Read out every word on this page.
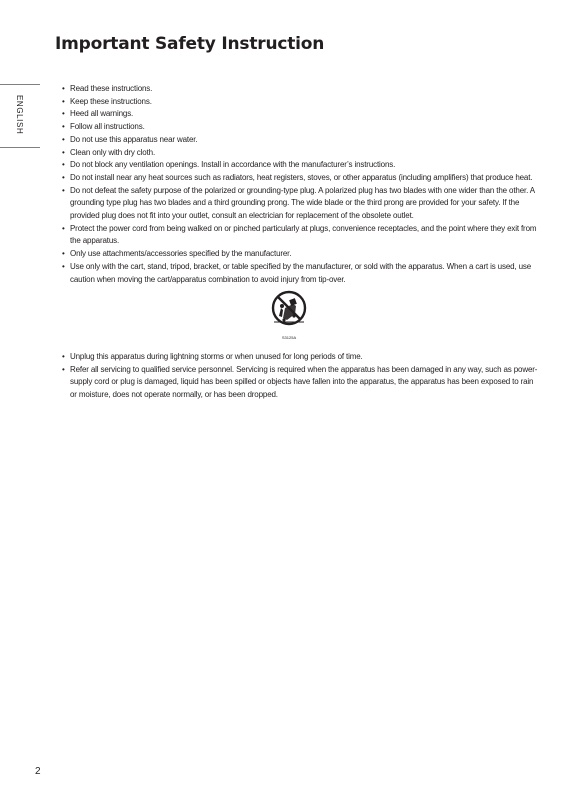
Important Safety Instruction
ENGLISH
• Read these instructions.
• Keep these instructions.
• Heed all warnings.
• Follow all instructions.
• Do not use this apparatus near water.
• Clean only with dry cloth.
• Do not block any ventilation openings. Install in accordance with the manufacturer’s instructions.
• Do not install near any heat sources such as radiators, heat registers, stoves, or other apparatus (including amplifiers) that produce heat.
• Do not defeat the safety purpose of the polarized or grounding-type plug. A polarized plug has two blades with one wider than the other. A grounding type plug has two blades and a third grounding prong. The wide blade or the third prong are provided for your safety. If the provided plug does not fit into your outlet, consult an electrician for replacement of the obsolete outlet.
• Protect the power cord from being walked on or pinched particularly at plugs, convenience receptacles, and the point where they exit from the apparatus.
• Only use attachments/accessories specified by the manufacturer.
• Use only with the cart, stand, tripod, bracket, or table specified by the manufacturer, or sold with the apparatus. When a cart is used, use caution when moving the cart/apparatus combination to avoid injury from tip-over.
S3125A
• Unplug this apparatus during lightning storms or when unused for long periods of time.
• Refer all servicing to qualified service personnel. Servicing is required when the apparatus has been damaged in any way, such as power-supply cord or plug is damaged, liquid has been spilled or objects have fallen into the apparatus, the apparatus has been exposed to rain or moisture, does not operate normally, or has been dropped.
2
